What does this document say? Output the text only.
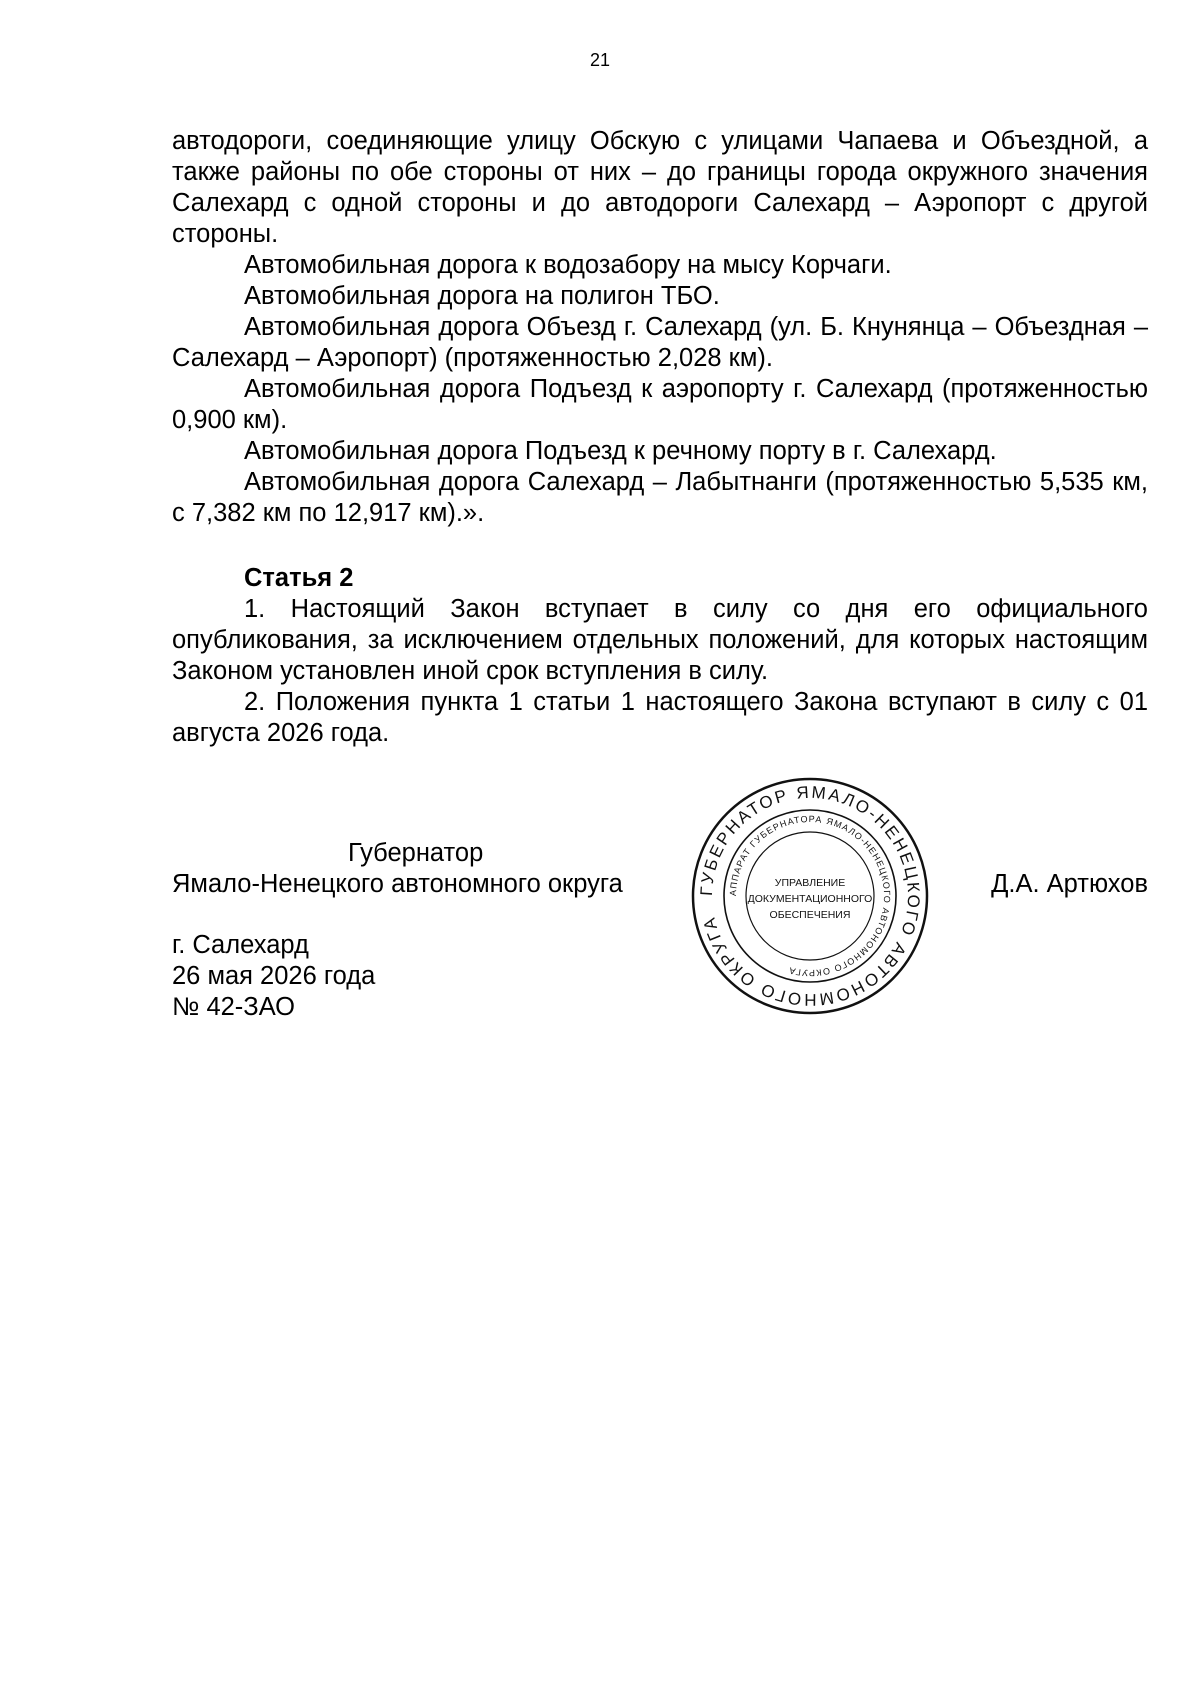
21

автодороги, соединяющие улицу Обскую с улицами Чапаева и Объездной, а также районы по обе стороны от них – до границы города окружного значения Салехард с одной стороны и до автодороги Салехард – Аэропорт с другой стороны.

Автомобильная дорога к водозабору на мысу Корчаги.

Автомобильная дорога на полигон ТБО.

Автомобильная дорога Объезд г. Салехард (ул. Б. Кнунянца – Объездная – Салехард – Аэропорт) (протяженностью 2,028 км).

Автомобильная дорога Подъезд к аэропорту г. Салехард (протяженностью 0,900 км).

Автомобильная дорога Подъезд к речному порту в г. Салехард.

Автомобильная дорога Салехард – Лабытнанги (протяженностью 5,535 км, с 7,382 км по 12,917 км).».

Статья 2

1. Настоящий Закон вступает в силу со дня его официального опубликования, за исключением отдельных положений, для которых настоящим Законом установлен иной срок вступления в силу.

2. Положения пункта 1 статьи 1 настоящего Закона вступают в силу с 01 августа 2026 года.

Губернатор
Ямало-Ненецкого автономного округа	Д.А. Артюхов
г. Салехард
26 мая 2026 года
№ 42-ЗАО
ГУБЕРНАТОР ЯМАЛО-НЕНЕЦКОГО АВТОНОМНОГО ОКРУГА
АППАРАТ ГУБЕРНАТОРА ЯМАЛО-НЕНЕЦКОГО АВТОНОМНОГО ОКРУГА
УПРАВЛЕНИЕ
ДОКУМЕНТАЦИОННОГО
ОБЕСПЕЧЕНИЯ
